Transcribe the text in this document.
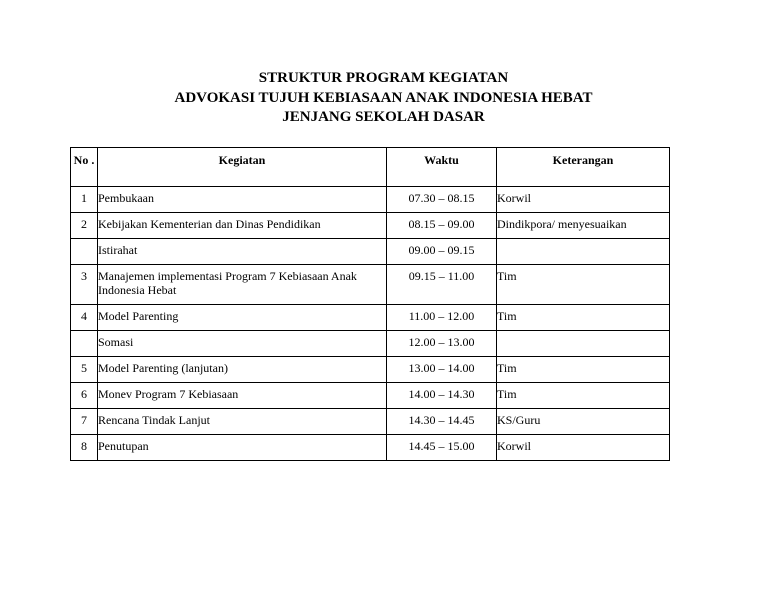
STRUKTUR PROGRAM KEGIATAN
ADVOKASI TUJUH KEBIASAAN ANAK INDONESIA HEBAT
JENJANG SEKOLAH DASAR
No .	Kegiatan	Waktu	Keterangan
1	Pembukaan	07.30 – 08.15	Korwil
2	Kebijakan Kementerian dan Dinas Pendidikan	08.15 – 09.00	Dindikpora/ menyesuaikan
	Istirahat	09.00 – 09.15	
3	Manajemen implementasi Program 7 Kebiasaan Anak Indonesia Hebat	09.15 – 11.00	Tim
4	Model Parenting	11.00 – 12.00	Tim
	Somasi	12.00 – 13.00	
5	Model Parenting (lanjutan)	13.00 – 14.00	Tim
6	Monev Program 7 Kebiasaan	14.00 – 14.30	Tim
7	Rencana Tindak Lanjut	14.30 – 14.45	KS/Guru
8	Penutupan	14.45 – 15.00	Korwil
